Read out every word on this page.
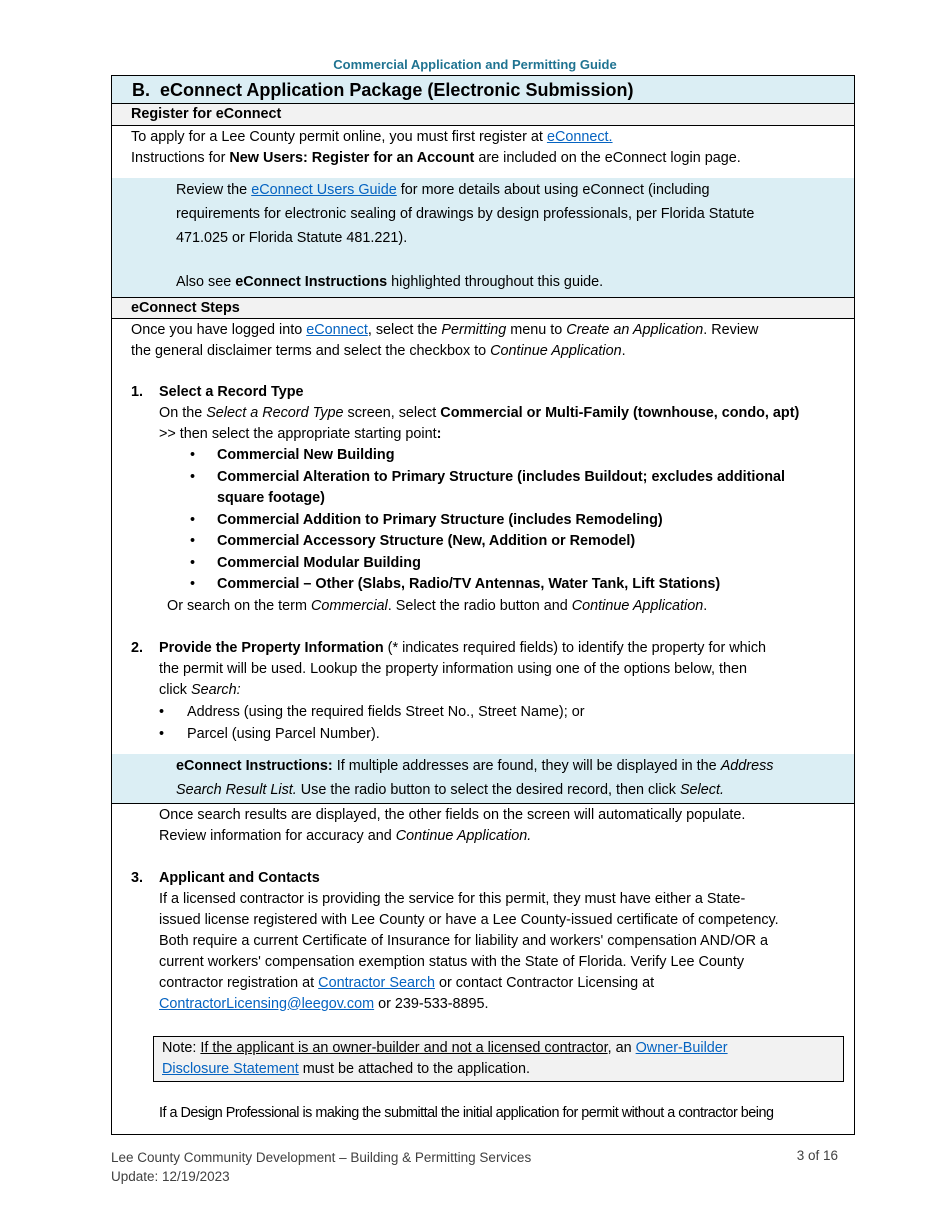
Commercial Application and Permitting Guide
B. eConnect Application Package (Electronic Submission)
Register for eConnect
To apply for a Lee County permit online, you must first register at eConnect.
Instructions for New Users: Register for an Account are included on the eConnect login page.
Review the eConnect Users Guide for more details about using eConnect (including
requirements for electronic sealing of drawings by design professionals, per Florida Statute
471.025 or Florida Statute 481.221).
Also see eConnect Instructions highlighted throughout this guide.
eConnect Steps
Once you have logged into eConnect, select the Permitting menu to Create an Application. Review
the general disclaimer terms and select the checkbox to Continue Application.
1. Select a Record Type
On the Select a Record Type screen, select Commercial or Multi-Family (townhouse, condo, apt)
>> then select the appropriate starting point:
• Commercial New Building
• Commercial Alteration to Primary Structure (includes Buildout; excludes additional
square footage)
• Commercial Addition to Primary Structure (includes Remodeling)
• Commercial Accessory Structure (New, Addition or Remodel)
• Commercial Modular Building
• Commercial – Other (Slabs, Radio/TV Antennas, Water Tank, Lift Stations)
Or search on the term Commercial. Select the radio button and Continue Application.
2. Provide the Property Information (* indicates required fields) to identify the property for which
the permit will be used. Lookup the property information using one of the options below, then
click Search:
• Address (using the required fields Street No., Street Name); or
• Parcel (using Parcel Number).
eConnect Instructions: If multiple addresses are found, they will be displayed in the Address
Search Result List. Use the radio button to select the desired record, then click Select.
Once search results are displayed, the other fields on the screen will automatically populate.
Review information for accuracy and Continue Application.
3. Applicant and Contacts
If a licensed contractor is providing the service for this permit, they must have either a State-
issued license registered with Lee County or have a Lee County-issued certificate of competency.
Both require a current Certificate of Insurance for liability and workers' compensation AND/OR a
current workers' compensation exemption status with the State of Florida. Verify Lee County
contractor registration at Contractor Search or contact Contractor Licensing at
ContractorLicensing@leegov.com or 239-533-8895.
Note: If the applicant is an owner-builder and not a licensed contractor, an Owner-Builder
Disclosure Statement must be attached to the application.
If a Design Professional is making the submittal the initial application for permit without a contractor being
Lee County Community Development – Building & Permitting Services
Update: 12/19/2023
3 of 16
